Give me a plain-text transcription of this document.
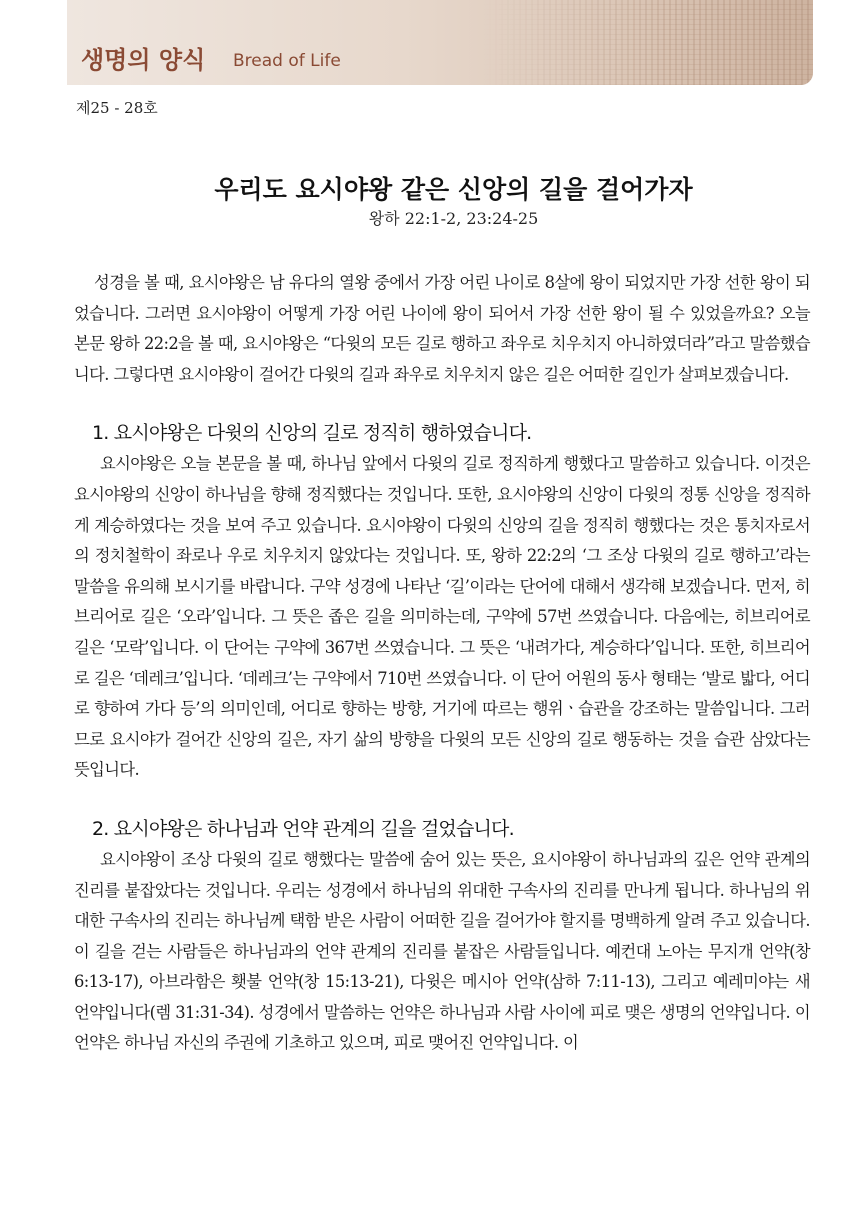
생명의 양식 Bread of Life
제25 - 28호
우리도 요시야왕 같은 신앙의 길을 걸어가자
왕하 22:1-2, 23:24-25

성경을 볼 때, 요시야왕은 남 유다의 열왕 중에서 가장 어린 나이로 8살에 왕이 되었지만 가장 선한 왕이 되었습니다. 그러면 요시야왕이 어떻게 가장 어린 나이에 왕이 되어서 가장 선한 왕이 될 수 있었을까요? 오늘 본문 왕하 22:2을 볼 때, 요시야왕은 “다윗의 모든 길로 행하고 좌우로 치우치지 아니하였더라”라고 말씀했습니다. 그렇다면 요시야왕이 걸어간 다윗의 길과 좌우로 치우치지 않은 길은 어떠한 길인가 살펴보겠습니다.

1. 요시야왕은 다윗의 신앙의 길로 정직히 행하였습니다.

요시야왕은 오늘 본문을 볼 때, 하나님 앞에서 다윗의 길로 정직하게 행했다고 말씀하고 있습니다. 이것은 요시야왕의 신앙이 하나님을 향해 정직했다는 것입니다. 또한, 요시야왕의 신앙이 다윗의 정통 신앙을 정직하게 계승하였다는 것을 보여 주고 있습니다. 요시야왕이 다윗의 신앙의 길을 정직히 행했다는 것은 통치자로서의 정치철학이 좌로나 우로 치우치지 않았다는 것입니다. 또, 왕하 22:2의 ‘그 조상 다윗의 길로 행하고’라는 말씀을 유의해 보시기를 바랍니다. 구약 성경에 나타난 ‘길’이라는 단어에 대해서 생각해 보겠습니다. 먼저, 히브리어로 길은 ‘오라’입니다. 그 뜻은 좁은 길을 의미하는데, 구약에 57번 쓰였습니다. 다음에는, 히브리어로 길은 ‘모락’입니다. 이 단어는 구약에 367번 쓰였습니다. 그 뜻은 ‘내려가다, 계승하다’입니다. 또한, 히브리어로 길은 ‘데레크’입니다. ‘데레크’는 구약에서 710번 쓰였습니다. 이 단어 어원의 동사 형태는 ‘발로 밟다, 어디로 향하여 가다 등’의 의미인데, 어디로 향하는 방향, 거기에 따르는 행위ㆍ습관을 강조하는 말씀입니다. 그러므로 요시야가 걸어간 신앙의 길은, 자기 삶의 방향을 다윗의 모든 신앙의 길로 행동하는 것을 습관 삼았다는 뜻입니다.

2. 요시야왕은 하나님과 언약 관계의 길을 걸었습니다.

요시야왕이 조상 다윗의 길로 행했다는 말씀에 숨어 있는 뜻은, 요시야왕이 하나님과의 깊은 언약 관계의 진리를 붙잡았다는 것입니다. 우리는 성경에서 하나님의 위대한 구속사의 진리를 만나게 됩니다. 하나님의 위대한 구속사의 진리는 하나님께 택함 받은 사람이 어떠한 길을 걸어가야 할지를 명백하게 알려 주고 있습니다. 이 길을 걷는 사람들은 하나님과의 언약 관계의 진리를 붙잡은 사람들입니다. 예컨대 노아는 무지개 언약(창 6:13-17), 아브라함은 횃불 언약(창 15:13-21), 다윗은 메시아 언약(삼하 7:11-13), 그리고 예레미야는 새 언약입니다(렘 31:31-34). 성경에서 말씀하는 언약은 하나님과 사람 사이에 피로 맺은 생명의 언약입니다. 이 언약은 하나님 자신의 주권에 기초하고 있으며, 피로 맺어진 언약입니다. 이
